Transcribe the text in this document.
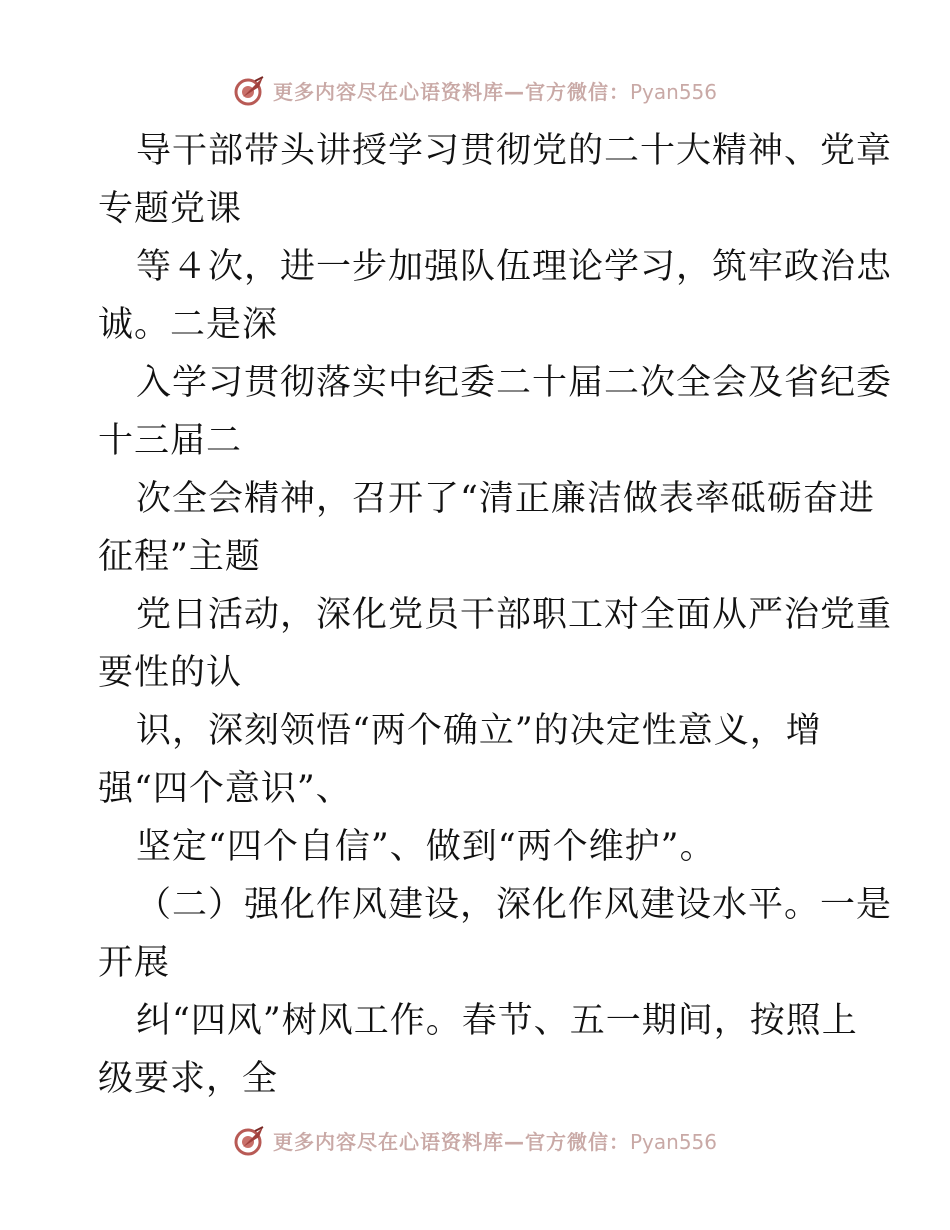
更多内容尽在心语资料库—官方微信：Pyan556
导干部带头讲授学习贯彻党的二十大精神、党章
专题党课
等４次，进一步加强队伍理论学习，筑牢政治忠
诚。二是深
入学习贯彻落实中纪委二十届二次全会及省纪委
十三届二
次全会精神，召开了“清正廉洁做表率砥砺奋进
征程”主题
党日活动，深化党员干部职工对全面从严治党重
要性的认
识，深刻领悟“两个确立”的决定性意义，增
强“四个意识”、
坚定“四个自信”、做到“两个维护”。
（二）强化作风建设，深化作风建设水平。一是
开展
纠“四风”树风工作。春节、五一期间，按照上
级要求，全
更多内容尽在心语资料库—官方微信：Pyan556
